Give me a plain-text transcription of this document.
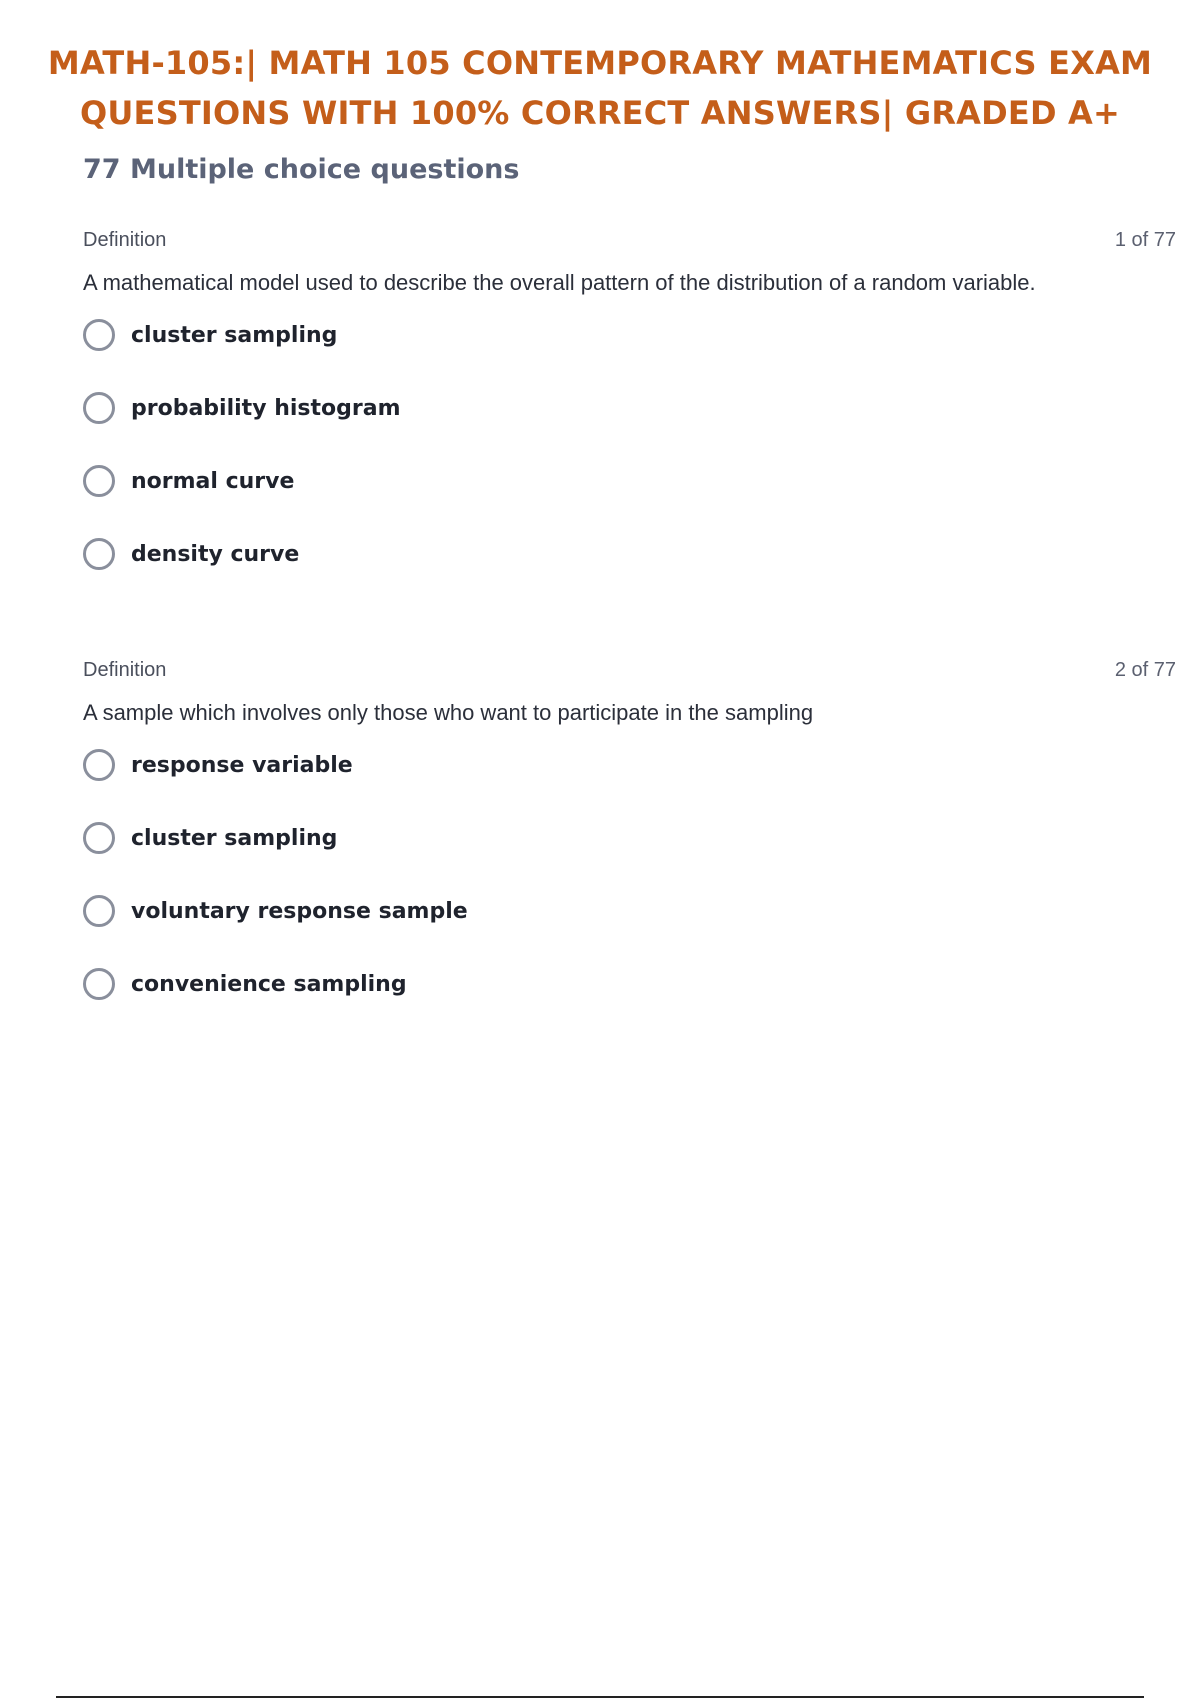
MATH-105:| MATH 105 CONTEMPORARY MATHEMATICS EXAM QUESTIONS WITH 100% CORRECT ANSWERS| GRADED A+
77 Multiple choice questions
Definition	1 of 77

A mathematical model used to describe the overall pattern of the distribution of a random variable.

cluster sampling
probability histogram
normal curve
density curve
Definition	2 of 77

A sample which involves only those who want to participate in the sampling

response variable
cluster sampling
voluntary response sample
convenience sampling
